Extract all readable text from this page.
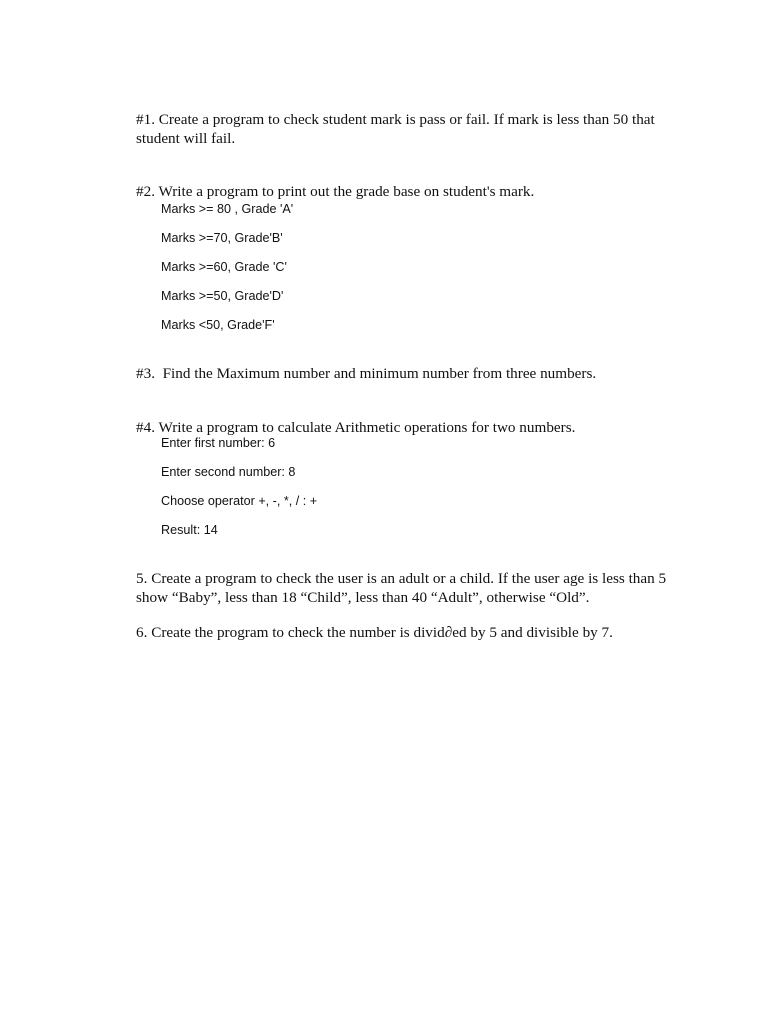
#1. Create a program to check student mark is pass or fail. If mark is less than 50 that
student will fail.
#2. Write a program to print out the grade base on student's mark.
Marks >= 80 , Grade 'A'
Marks >=70, Grade'B'
Marks >=60, Grade 'C'
Marks >=50, Grade'D'
Marks <50, Grade'F'
#3.  Find the Maximum number and minimum number from three numbers.
#4. Write a program to calculate Arithmetic operations for two numbers.
Enter first number: 6
Enter second number: 8
Choose operator +, -, *, / : +
Result: 14
5. Create a program to check the user is an adult or a child. If the user age is less than 5
show “Baby”, less than 18 “Child”, less than 40 “Adult”, otherwise “Old”.
6. Create the program to check the number is divid∂ed by 5 and divisible by 7.
